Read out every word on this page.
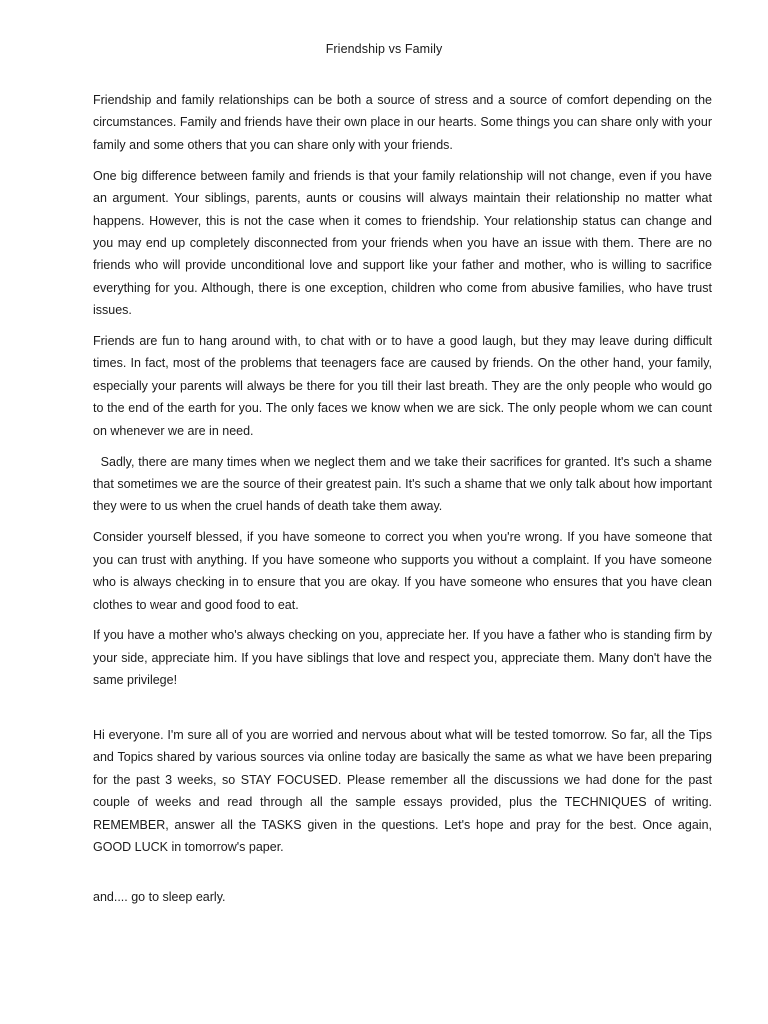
Friendship vs Family

Friendship and family relationships can be both a source of stress and a source of comfort depending on the circumstances. Family and friends have their own place in our hearts. Some things you can share only with your family and some others that you can share only with your friends.

One big difference between family and friends is that your family relationship will not change, even if you have an argument. Your siblings, parents, aunts or cousins will always maintain their relationship no matter what happens. However, this is not the case when it comes to friendship. Your relationship status can change and you may end up completely disconnected from your friends when you have an issue with them. There are no friends who will provide unconditional love and support like your father and mother, who is willing to sacrifice everything for you. Although, there is one exception, children who come from abusive families, who have trust issues.

Friends are fun to hang around with, to chat with or to have a good laugh, but they may leave during difficult times. In fact, most of the problems that teenagers face are caused by friends. On the other hand, your family, especially your parents will always be there for you till their last breath. They are the only people who would go to the end of the earth for you. The only faces we know when we are sick. The only people whom we can count on whenever we are in need.

Sadly, there are many times when we neglect them and we take their sacrifices for granted. It's such a shame that sometimes we are the source of their greatest pain. It's such a shame that we only talk about how important they were to us when the cruel hands of death take them away.

Consider yourself blessed, if you have someone to correct you when you're wrong. If you have someone that you can trust with anything. If you have someone who supports you without a complaint. If you have someone who is always checking in to ensure that you are okay. If you have someone who ensures that you have clean clothes to wear and good food to eat.

If you have a mother who's always checking on you, appreciate her. If you have a father who is standing firm by your side, appreciate him. If you have siblings that love and respect you, appreciate them. Many don't have the same privilege!

Hi everyone. I'm sure all of you are worried and nervous about what will be tested tomorrow. So far, all the Tips and Topics shared by various sources via online today are basically the same as what we have been preparing for the past 3 weeks, so STAY FOCUSED. Please remember all the discussions we had done for the past couple of weeks and read through all the sample essays provided, plus the TECHNIQUES of writing. REMEMBER, answer all the TASKS given in the questions. Let's hope and pray for the best. Once again, GOOD LUCK in tomorrow's paper.

and.... go to sleep early.
